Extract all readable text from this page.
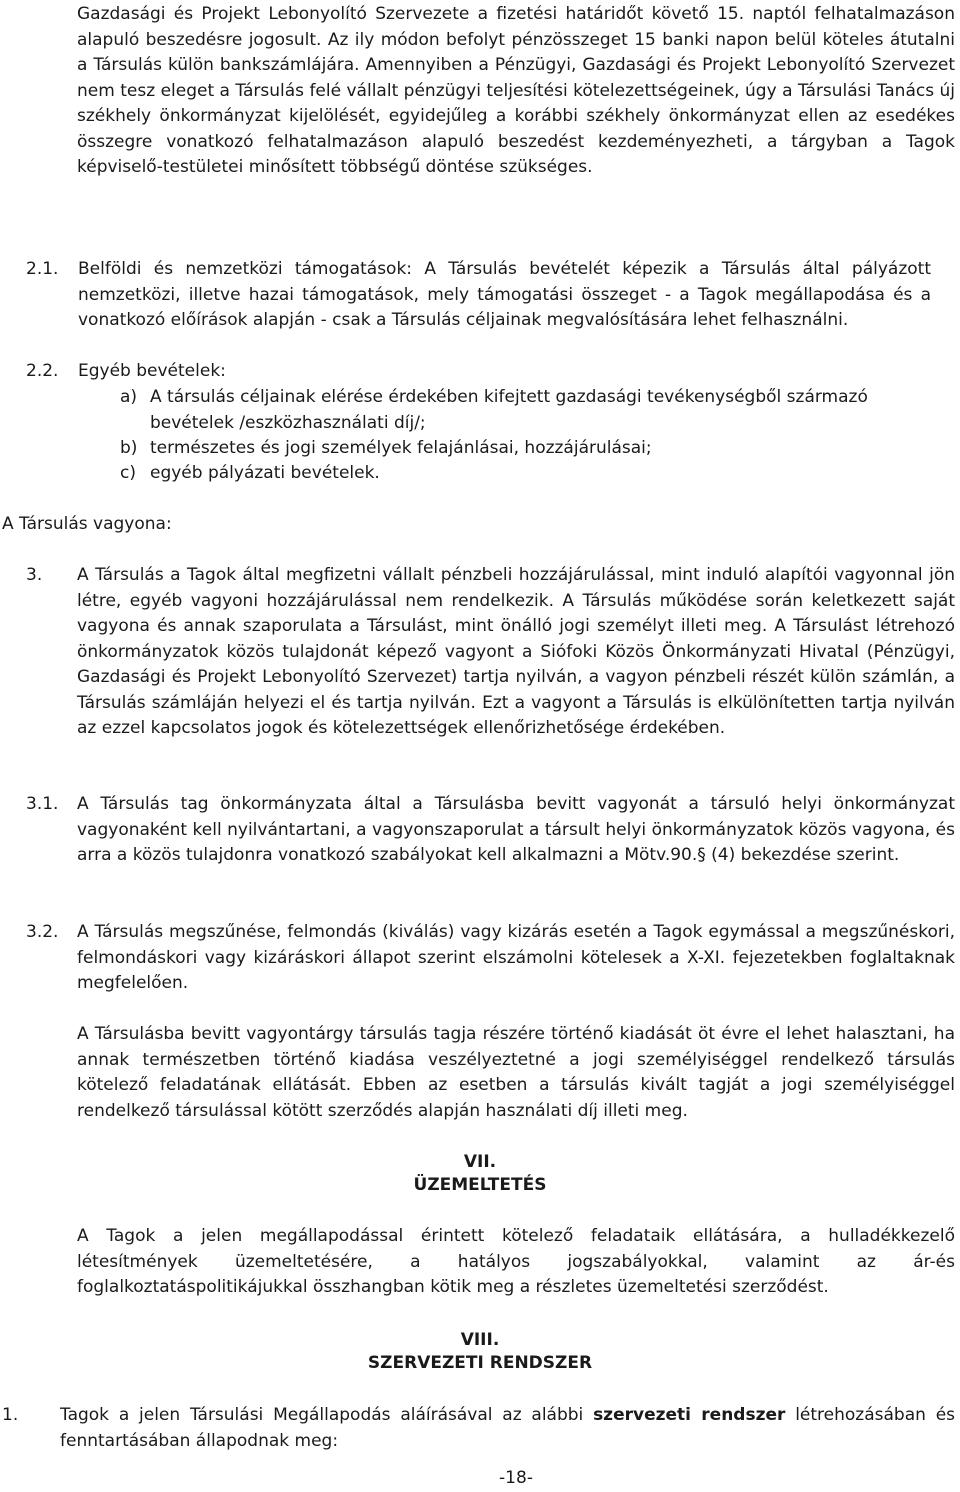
Gazdasági és Projekt Lebonyolító Szervezete a fizetési határidőt követő 15. naptól felhatalmazáson alapuló beszedésre jogosult. Az ily módon befolyt pénzösszeget 15 banki napon belül köteles átutalni a Társulás külön bankszámlájára. Amennyiben a Pénzügyi, Gazdasági és Projekt Lebonyolító Szervezet nem tesz eleget a Társulás felé vállalt pénzügyi teljesítési kötelezettségeinek, úgy a Társulási Tanács új székhely önkormányzat kijelölését, egyidejűleg a korábbi székhely önkormányzat ellen az esedékes összegre vonatkozó felhatalmazáson alapuló beszedést kezdeményezheti, a tárgyban a Tagok képviselő-testületei minősített többségű döntése szükséges.

2.1. Belföldi és nemzetközi támogatások: A Társulás bevételét képezik a Társulás által pályázott nemzetközi, illetve hazai támogatások, mely támogatási összeget - a Tagok megállapodása és a vonatkozó előírások alapján - csak a Társulás céljainak megvalósítására lehet felhasználni.

2.2. Egyéb bevételek:
a) A társulás céljainak elérése érdekében kifejtett gazdasági tevékenységből származó bevételek /eszközhasználati díj/;
b) természetes és jogi személyek felajánlásai, hozzájárulásai;
c) egyéb pályázati bevételek.
A Társulás vagyona:
3. A Társulás a Tagok által megfizetni vállalt pénzbeli hozzájárulással, mint induló alapítói vagyonnal jön létre, egyéb vagyoni hozzájárulással nem rendelkezik. A Társulás működése során keletkezett saját vagyona és annak szaporulata a Társulást, mint önálló jogi személyt illeti meg. A Társulást létrehozó önkormányzatok közös tulajdonát képező vagyont a Siófoki Közös Önkormányzati Hivatal (Pénzügyi, Gazdasági és Projekt Lebonyolító Szervezet) tartja nyilván, a vagyon pénzbeli részét külön számlán, a Társulás számláján helyezi el és tartja nyilván. Ezt a vagyont a Társulás is elkülönítetten tartja nyilván az ezzel kapcsolatos jogok és kötelezettségek ellenőrizhetősége érdekében.

3.1. A Társulás tag önkormányzata által a Társulásba bevitt vagyonát a társuló helyi önkormányzat vagyonaként kell nyilvántartani, a vagyonszaporulat a társult helyi önkormányzatok közös vagyona, és arra a közös tulajdonra vonatkozó szabályokat kell alkalmazni a Mötv.90.§ (4) bekezdése szerint.

3.2. A Társulás megszűnése, felmondás (kiválás) vagy kizárás esetén a Tagok egymással a megszűnéskori, felmondáskori vagy kizáráskori állapot szerint elszámolni kötelesek a X-XI. fejezetekben foglaltaknak megfelelően.

A Társulásba bevitt vagyontárgy társulás tagja részére történő kiadását öt évre el lehet halasztani, ha annak természetben történő kiadása veszélyeztetné a jogi személyiséggel rendelkező társulás kötelező feladatának ellátását. Ebben az esetben a társulás kivált tagját a jogi személyiséggel rendelkező társulással kötött szerződés alapján használati díj illeti meg.

VII.

ÜZEMELTETÉS

A Tagok a jelen megállapodással érintett kötelező feladataik ellátására, a hulladékkezelő létesítmények üzemeltetésére, a hatályos jogszabályokkal, valamint az ár-és foglalkoztatáspolitikájukkal összhangban kötik meg a részletes üzemeltetési szerződést.

VIII.

SZERVEZETI RENDSZER

1. Tagok a jelen Társulási Megállapodás aláírásával az alábbi szervezeti rendszer létrehozásában és fenntartásában állapodnak meg:

-18-
